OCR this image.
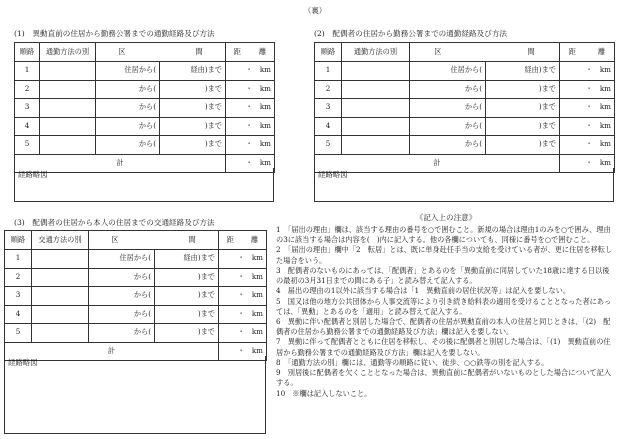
（裏）
(1)　異動直前の住居から勤務公署までの通勤経路及び方法
順路	通勤方法の別	区 間		距 離
1		住居から(	経由)まで	・　km
2		から(	)まで	・　km
3		から(	)まで	・　km
4		から(	)まで	・　km
5		から(	)まで	・　km
計				・　km
経路略図
(2)　配偶者の住居から勤務公署までの通勤経路及び方法
順路	通勤方法の別	区 間		距 離
1		住居から(	経由)まで	・　km
2		から(	)まで	・　km
3		から(	)まで	・　km
4		から(	)まで	・　km
5		から(	)まで	・　km
計				・　km
経路略図
(3)　配偶者の住居から本人の住居までの交通経路及び方法
順路	交通方法の別	区 間		距 離
1		住居から(	経由)まで	・　km
2		から(	)まで	・　km
3		から(	)まで	・　km
4		から(	)まで	・　km
5		から(	)まで	・　km
計				・　km
経路略図
《記入上の注意》

1　「届出の理由」欄は、該当する理由の番号を○で囲むこと。新規の場合は理由1のみを○で囲み、理由の3に該当する場合は内容を(　)内に記入する。他の各欄についても、同様に番号を○で囲むこと。

2　「届出の理由」欄中「2　転居」とは、既に単身赴任手当の支給を受けている者が、更に住居を移転した場合をいう。

3　配偶者のないものにあっては、「配偶者」とあるのを「異動直前に同居していた18歳に達する日以後の最初の3月31日までの間にある子」と読み替えて記入する。

4　届出の理由の1以外に該当する場合は「1　異動直前の居住状況等」は記入を要しない。

5　国又は他の地方公共団体から人事交流等により引き続き給料表の適用を受けることとなった者にあっては、「異動」とあるのを「適用」と読み替えて記入する。

6　異動に伴い配偶者と別居した場合で、配偶者の住居が異動直前の本人の住居と同じときは、「(2)　配偶者の住居から勤務公署までの通勤経路及び方法」欄は記入を要しない。

7　異動に伴って配偶者とともに住居を移転し、その後に配偶者と別居した場合は、「(1)　異動直前の住居から勤務公署までの通勤経路及び方法」欄は記入を要しない。

8　「通勤方法の別」欄には、通勤等の順路に従い、徒歩、○○鉄等の別を記入する。

9　別居後に配偶者を欠くこととなった場合は、異動直前に配偶者がいないものとした場合について記入する。

10　※欄は記入しないこと。
